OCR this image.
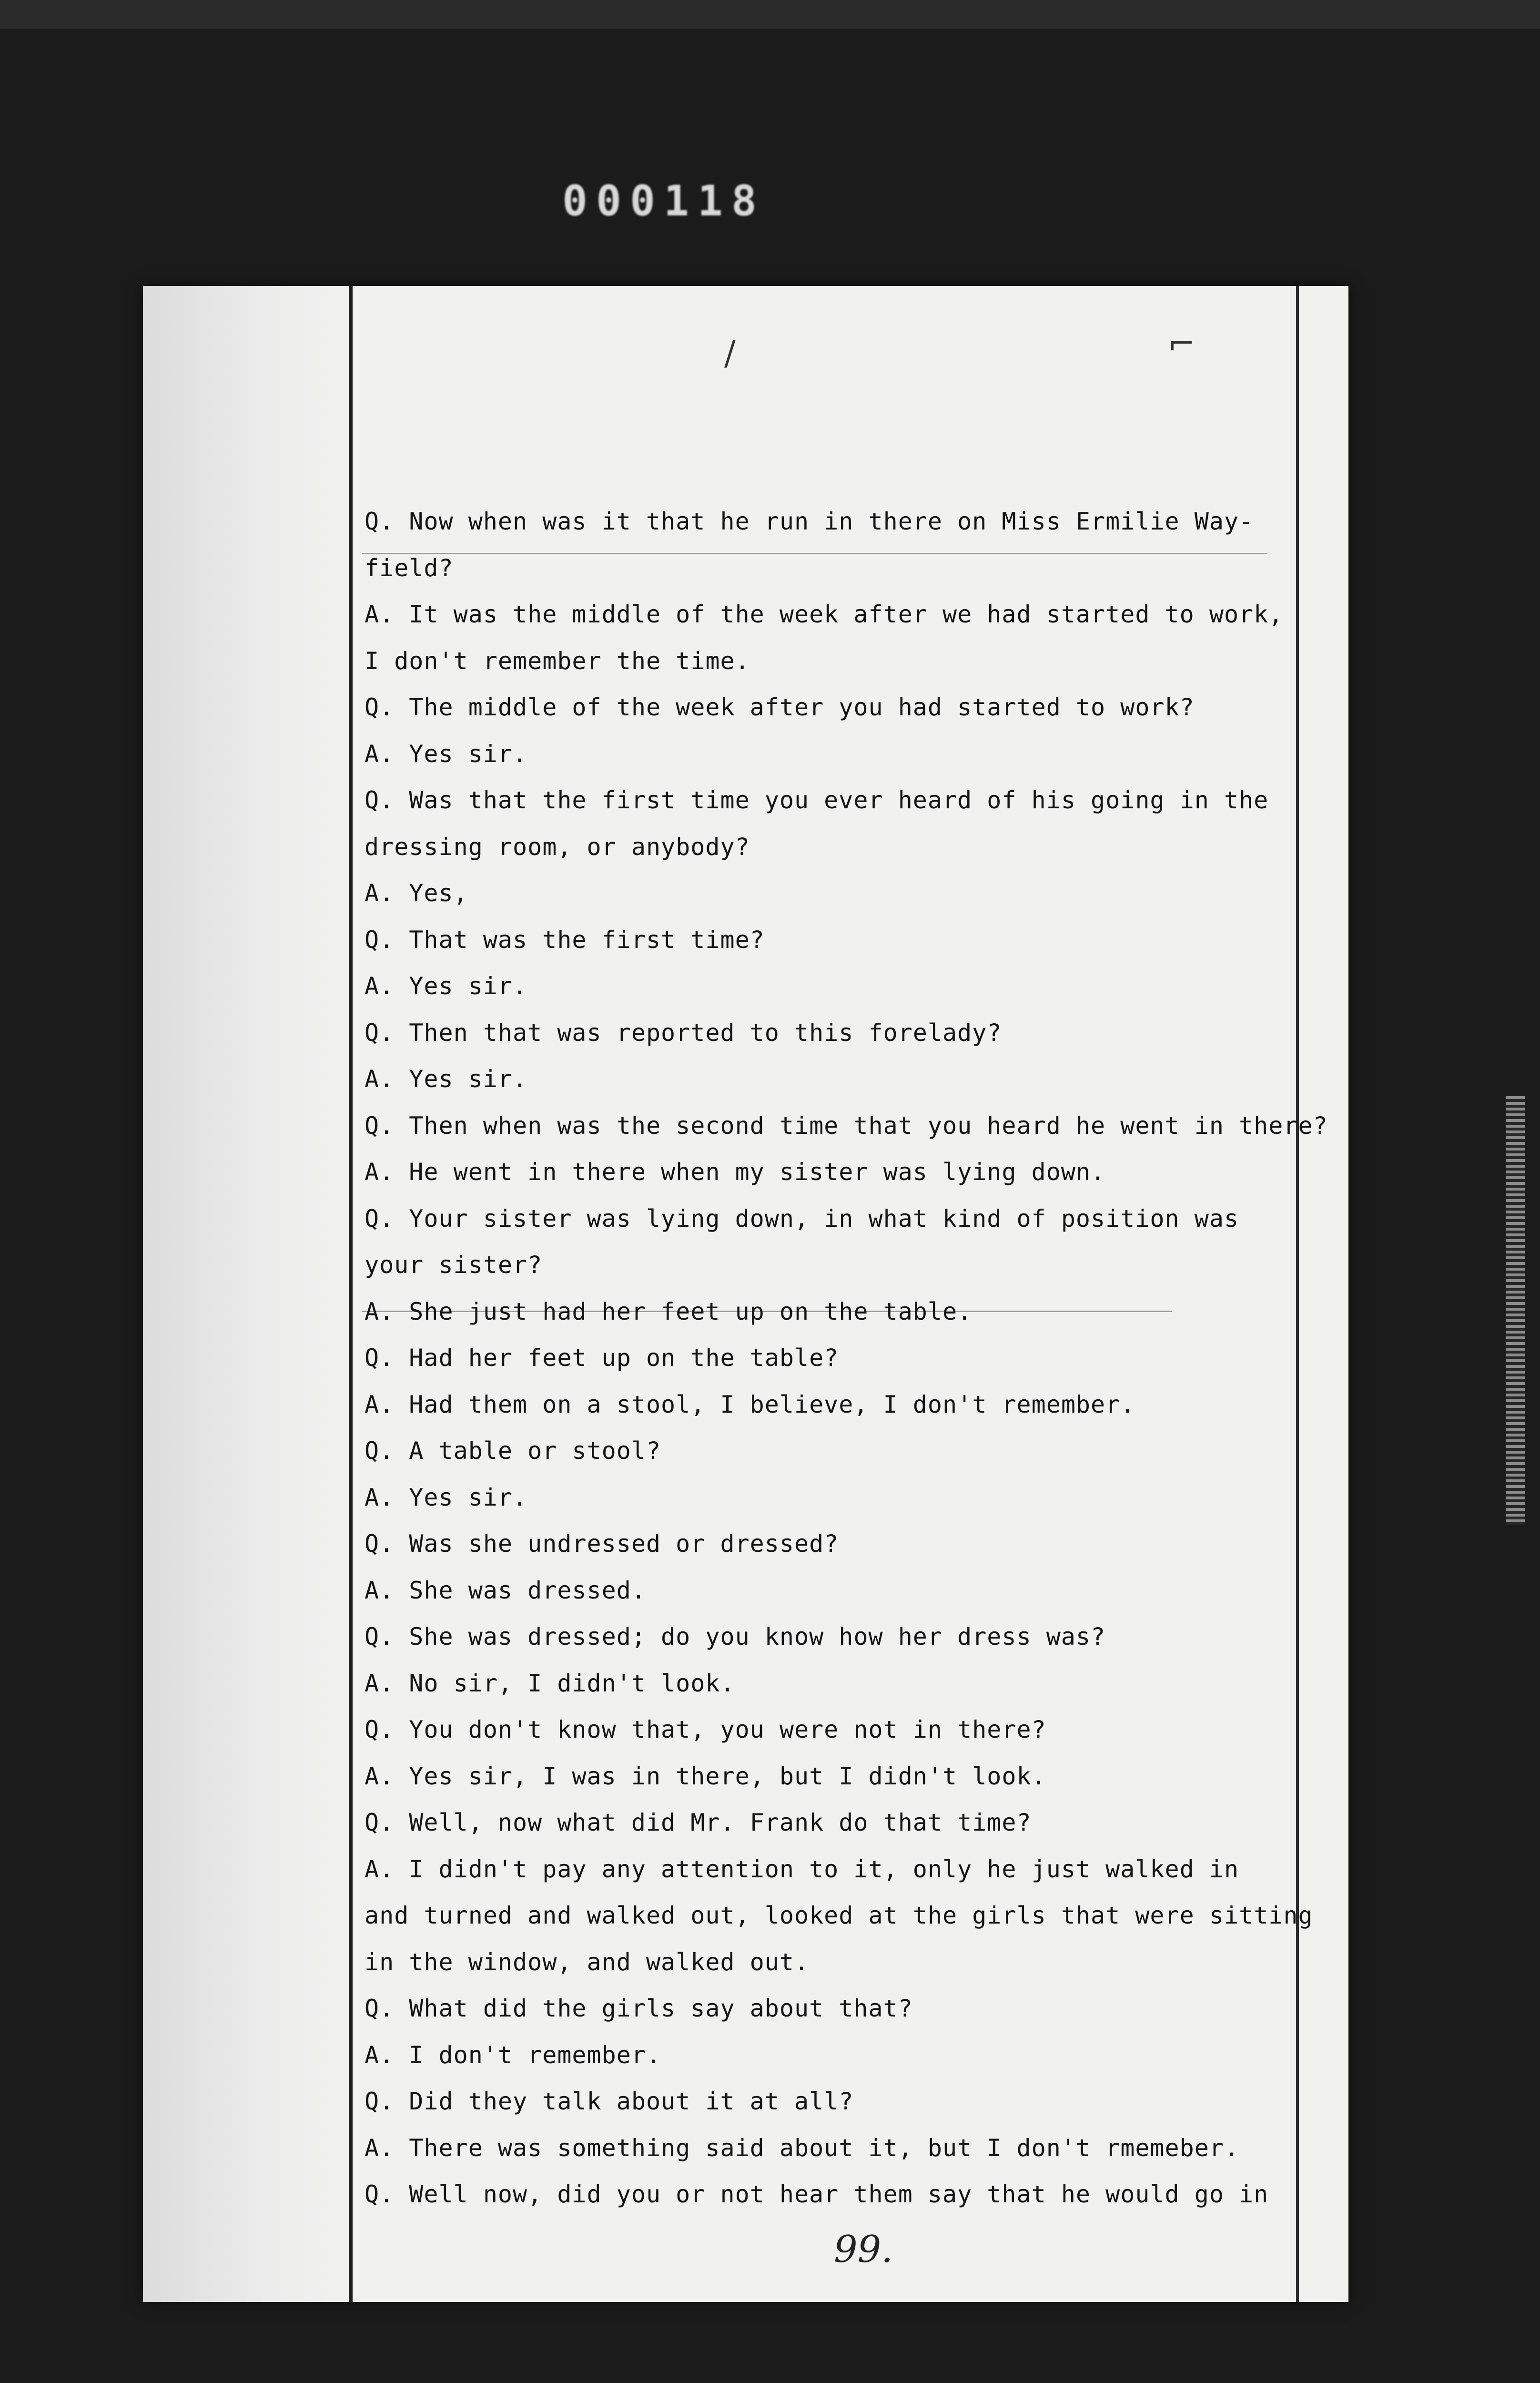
000118
/	⌐
Q. Now when was it that he run in there on Miss Ermilie Way-
field?
A. It was the middle of the week after we had started to work,
I don't remember the time.
Q. The middle of the week after you had started to work?
A. Yes sir.
Q. Was that the first time you ever heard of his going in the
dressing room, or anybody?
A. Yes,
Q. That was the first time?
A. Yes sir.
Q. Then that was reported to this forelady?
A. Yes sir.
Q. Then when was the second time that you heard he went in there?
A. He went in there when my sister was lying down.
Q. Your sister was lying down, in what kind of position was
your sister?
A. She just had her feet up on the table.
Q. Had her feet up on the table?
A. Had them on a stool, I believe, I don't remember.
Q. A table or stool?
A. Yes sir.
Q. Was she undressed or dressed?
A. She was dressed.
Q. She was dressed; do you know how her dress was?
A. No sir, I didn't look.
Q. You don't know that, you were not in there?
A. Yes sir, I was in there, but I didn't look.
Q. Well, now what did Mr. Frank do that time?
A. I didn't pay any attention to it, only he just walked in
and turned and walked out, looked at the girls that were sitting
in the window, and walked out.
Q. What did the girls say about that?
A. I don't remember.
Q. Did they talk about it at all?
A. There was something said about it, but I don't rmemeber.
Q. Well now, did you or not hear them say that he would go in
99.
